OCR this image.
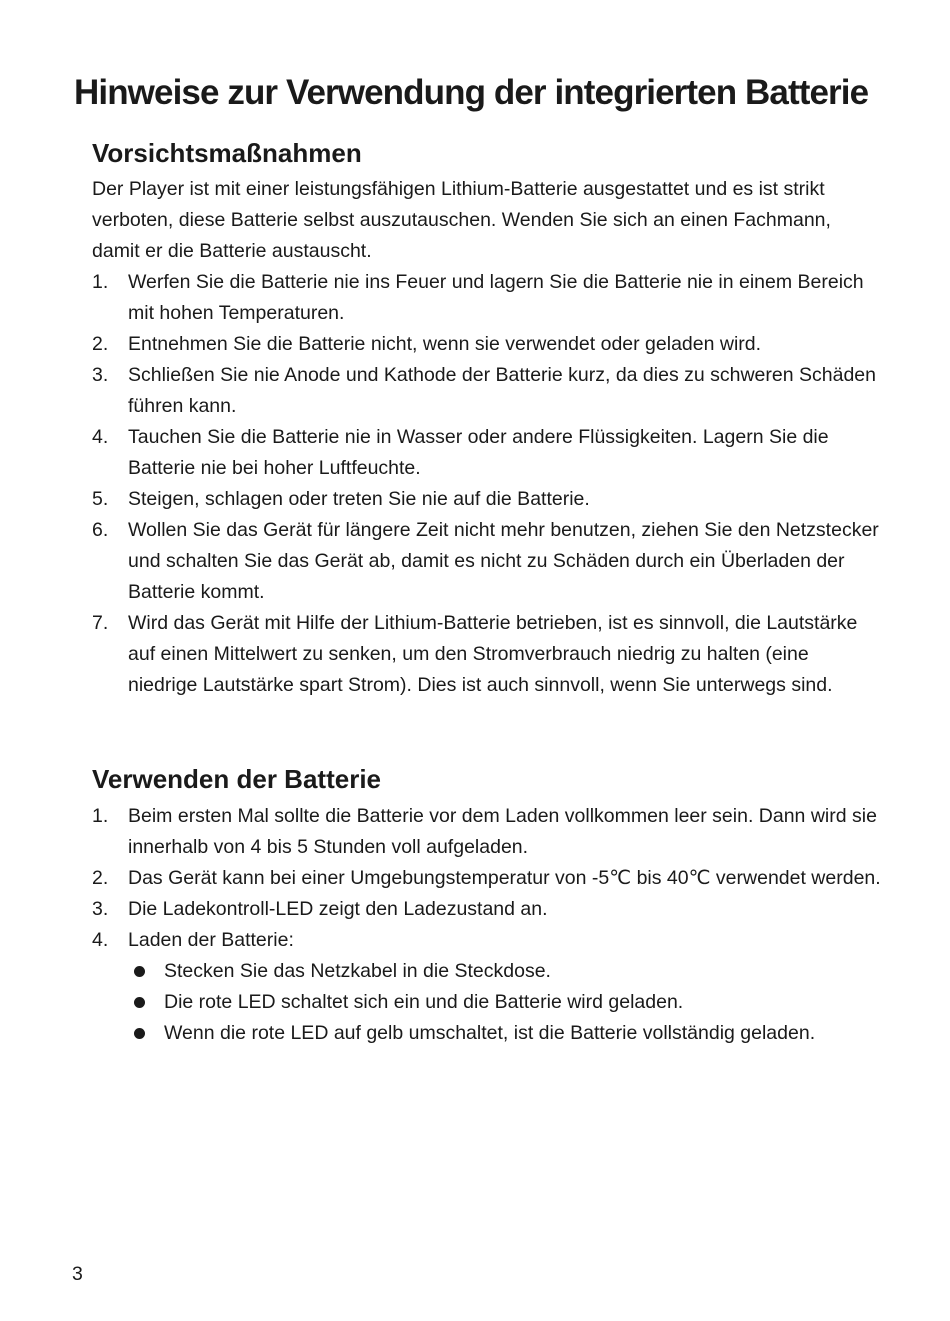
Hinweise zur Verwendung der integrierten Batterie
Vorsichtsmaßnahmen

Der Player ist mit einer leistungsfähigen Lithium-Batterie ausgestattet und es ist strikt verboten, diese Batterie selbst auszutauschen. Wenden Sie sich an einen Fachmann, damit er die Batterie austauscht.

1. Werfen Sie die Batterie nie ins Feuer und lagern Sie die Batterie nie in einem Bereich mit hohen Temperaturen.
2. Entnehmen Sie die Batterie nicht, wenn sie verwendet oder geladen wird.
3. Schließen Sie nie Anode und Kathode der Batterie kurz, da dies zu schweren Schäden führen kann.
4. Tauchen Sie die Batterie nie in Wasser oder andere Flüssigkeiten. Lagern Sie die Batterie nie bei hoher Luftfeuchte.
5. Steigen, schlagen oder treten Sie nie auf die Batterie.
6. Wollen Sie das Gerät für längere Zeit nicht mehr benutzen, ziehen Sie den Netzstecker und schalten Sie das Gerät ab, damit es nicht zu Schäden durch ein Überladen der Batterie kommt.
7. Wird das Gerät mit Hilfe der Lithium-Batterie betrieben, ist es sinnvoll, die Lautstärke auf einen Mittelwert zu senken, um den Stromverbrauch niedrig zu halten (eine niedrige Lautstärke spart Strom). Dies ist auch sinnvoll, wenn Sie unterwegs sind.
Verwenden der Batterie
1. Beim ersten Mal sollte die Batterie vor dem Laden vollkommen leer sein. Dann wird sie innerhalb von 4 bis 5 Stunden voll aufgeladen.
2. Das Gerät kann bei einer Umgebungstemperatur von -5℃ bis 40℃ verwendet werden.
3. Die Ladekontroll-LED zeigt den Ladezustand an.
4. Laden der Batterie:
Stecken Sie das Netzkabel in die Steckdose.
Die rote LED schaltet sich ein und die Batterie wird geladen.
Wenn die rote LED auf gelb umschaltet, ist die Batterie vollständig geladen.
3
